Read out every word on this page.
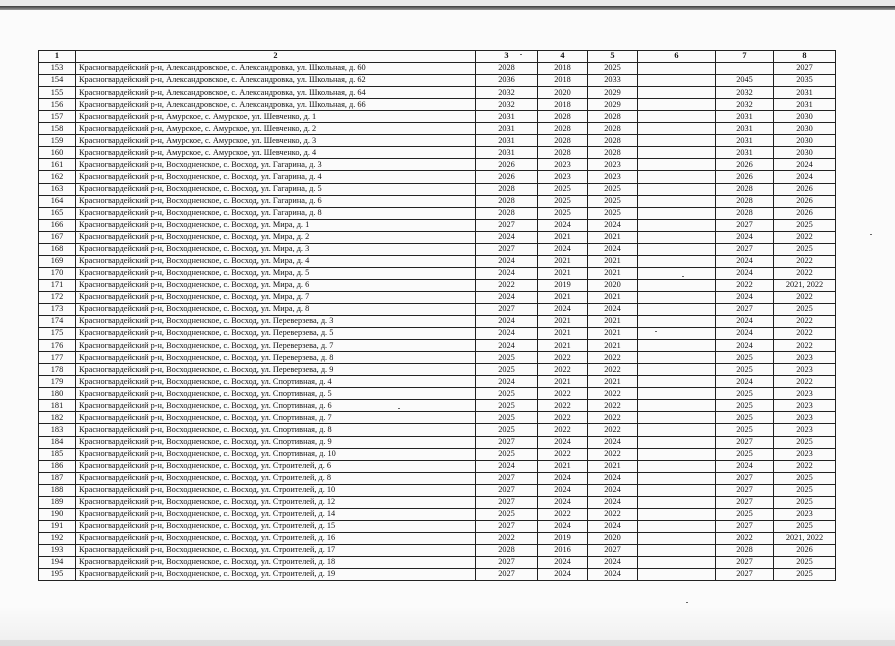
1	2	3	4	5	6	7	8
153	Красногвардейский р-н, Александровское, с. Александровка, ул. Школьная, д. 60	2028	2018	2025			2027
154	Красногвардейский р-н, Александровское, с. Александровка, ул. Школьная, д. 62	2036	2018	2033		2045	2035
155	Красногвардейский р-н, Александровское, с. Александровка, ул. Школьная, д. 64	2032	2020	2029		2032	2031
156	Красногвардейский р-н, Александровское, с. Александровка, ул. Школьная, д. 66	2032	2018	2029		2032	2031
157	Красногвардейский р-н, Амурское, с. Амурское, ул. Шевченко, д. 1	2031	2028	2028		2031	2030
158	Красногвардейский р-н, Амурское, с. Амурское, ул. Шевченко, д. 2	2031	2028	2028		2031	2030
159	Красногвардейский р-н, Амурское, с. Амурское, ул. Шевченко, д. 3	2031	2028	2028		2031	2030
160	Красногвардейский р-н, Амурское, с. Амурское, ул. Шевченко, д. 4	2031	2028	2028		2031	2030
161	Красногвардейский р-н, Восходненское, с. Восход, ул. Гагарина, д. 3	2026	2023	2023		2026	2024
162	Красногвардейский р-н, Восходненское, с. Восход, ул. Гагарина, д. 4	2026	2023	2023		2026	2024
163	Красногвардейский р-н, Восходненское, с. Восход, ул. Гагарина, д. 5	2028	2025	2025		2028	2026
164	Красногвардейский р-н, Восходненское, с. Восход, ул. Гагарина, д. 6	2028	2025	2025		2028	2026
165	Красногвардейский р-н, Восходненское, с. Восход, ул. Гагарина, д. 8	2028	2025	2025		2028	2026
166	Красногвардейский р-н, Восходненское, с. Восход, ул. Мира, д. 1	2027	2024	2024		2027	2025
167	Красногвардейский р-н, Восходненское, с. Восход, ул. Мира, д. 2	2024	2021	2021		2024	2022
168	Красногвардейский р-н, Восходненское, с. Восход, ул. Мира, д. 3	2027	2024	2024		2027	2025
169	Красногвардейский р-н, Восходненское, с. Восход, ул. Мира, д. 4	2024	2021	2021		2024	2022
170	Красногвардейский р-н, Восходненское, с. Восход, ул. Мира, д. 5	2024	2021	2021		2024	2022
171	Красногвардейский р-н, Восходненское, с. Восход, ул. Мира, д. 6	2022	2019	2020		2022	2021, 2022
172	Красногвардейский р-н, Восходненское, с. Восход, ул. Мира, д. 7	2024	2021	2021		2024	2022
173	Красногвардейский р-н, Восходненское, с. Восход, ул. Мира, д. 8	2027	2024	2024		2027	2025
174	Красногвардейский р-н, Восходненское, с. Восход, ул. Переверзева, д. 3	2024	2021	2021		2024	2022
175	Красногвардейский р-н, Восходненское, с. Восход, ул. Переверзева, д. 5	2024	2021	2021		2024	2022
176	Красногвардейский р-н, Восходненское, с. Восход, ул. Переверзева, д. 7	2024	2021	2021		2024	2022
177	Красногвардейский р-н, Восходненское, с. Восход, ул. Переверзева, д. 8	2025	2022	2022		2025	2023
178	Красногвардейский р-н, Восходненское, с. Восход, ул. Переверзева, д. 9	2025	2022	2022		2025	2023
179	Красногвардейский р-н, Восходненское, с. Восход, ул. Спортивная, д. 4	2024	2021	2021		2024	2022
180	Красногвардейский р-н, Восходненское, с. Восход, ул. Спортивная, д. 5	2025	2022	2022		2025	2023
181	Красногвардейский р-н, Восходненское, с. Восход, ул. Спортивная, д. 6	2025	2022	2022		2025	2023
182	Красногвардейский р-н, Восходненское, с. Восход, ул. Спортивная, д. 7	2025	2022	2022		2025	2023
183	Красногвардейский р-н, Восходненское, с. Восход, ул. Спортивная, д. 8	2025	2022	2022		2025	2023
184	Красногвардейский р-н, Восходненское, с. Восход, ул. Спортивная, д. 9	2027	2024	2024		2027	2025
185	Красногвардейский р-н, Восходненское, с. Восход, ул. Спортивная, д. 10	2025	2022	2022		2025	2023
186	Красногвардейский р-н, Восходненское, с. Восход, ул. Строителей, д. 6	2024	2021	2021		2024	2022
187	Красногвардейский р-н, Восходненское, с. Восход, ул. Строителей, д. 8	2027	2024	2024		2027	2025
188	Красногвардейский р-н, Восходненское, с. Восход, ул. Строителей, д. 10	2027	2024	2024		2027	2025
189	Красногвардейский р-н, Восходненское, с. Восход, ул. Строителей, д. 12	2027	2024	2024		2027	2025
190	Красногвардейский р-н, Восходненское, с. Восход, ул. Строителей, д. 14	2025	2022	2022		2025	2023
191	Красногвардейский р-н, Восходненское, с. Восход, ул. Строителей, д. 15	2027	2024	2024		2027	2025
192	Красногвардейский р-н, Восходненское, с. Восход, ул. Строителей, д. 16	2022	2019	2020		2022	2021, 2022
193	Красногвардейский р-н, Восходненское, с. Восход, ул. Строителей, д. 17	2028	2016	2027		2028	2026
194	Красногвардейский р-н, Восходненское, с. Восход, ул. Строителей, д. 18	2027	2024	2024		2027	2025
195	Красногвардейский р-н, Восходненское, с. Восход, ул. Строителей, д. 19	2027	2024	2024		2027	2025
